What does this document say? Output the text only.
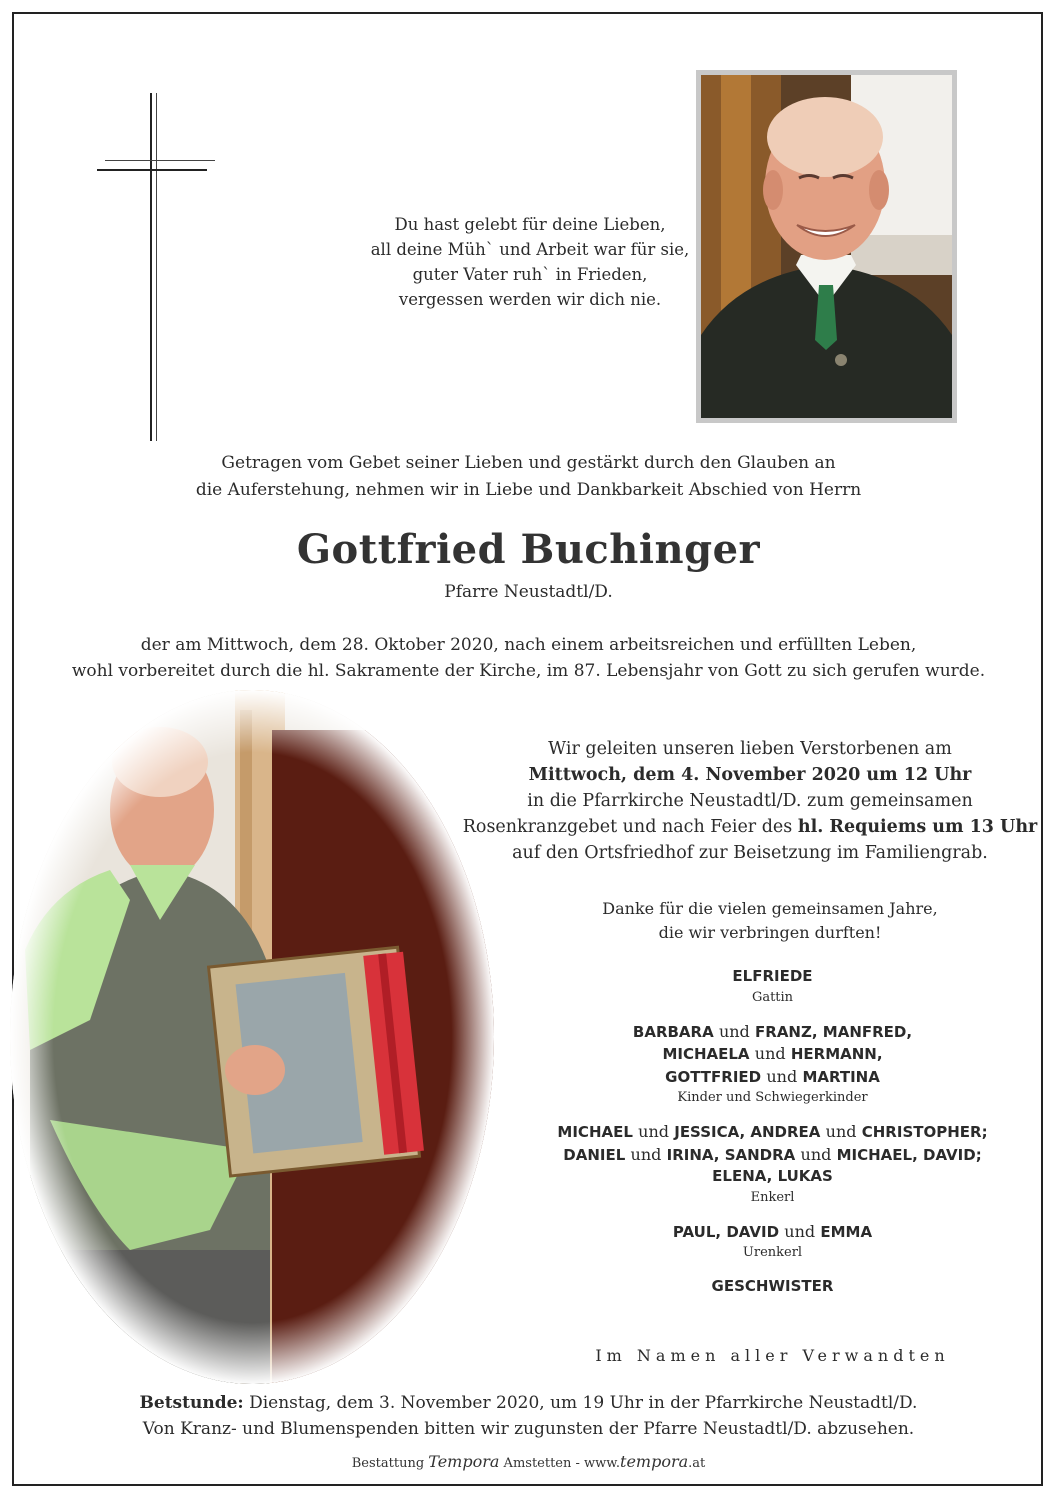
Du hast gelebt für deine Lieben,
all deine Müh` und Arbeit war für sie,
guter Vater ruh` in Frieden,
vergessen werden wir dich nie.
Getragen vom Gebet seiner Lieben und gestärkt durch den Glauben an
die Auferstehung, nehmen wir in Liebe und Dankbarkeit Abschied von Herrn
Gottfried Buchinger
Pfarre Neustadtl/D.
der am Mittwoch, dem 28. Oktober 2020, nach einem arbeitsreichen und erfüllten Leben,
wohl vorbereitet durch die hl. Sakramente der Kirche, im 87. Lebensjahr von Gott zu sich gerufen wurde.
Wir geleiten unseren lieben Verstorbenen am
Mittwoch, dem 4. November 2020 um 12 Uhr
in die Pfarrkirche Neustadtl/D. zum gemeinsamen
Rosenkranzgebet und nach Feier des hl. Requiems um 13 Uhr
auf den Ortsfriedhof zur Beisetzung im Familiengrab.
Danke für die vielen gemeinsamen Jahre,
die wir verbringen durften!
ELFRIEDE
Gattin
BARBARA und FRANZ, MANFRED,
MICHAELA und HERMANN,
GOTTFRIED und MARTINA
Kinder und Schwiegerkinder
MICHAEL und JESSICA, ANDREA und CHRISTOPHER;
DANIEL und IRINA, SANDRA und MICHAEL, DAVID;
ELENA, LUKAS
Enkerl
PAUL, DAVID und EMMA
Urenkerl
GESCHWISTER
Im Namen aller Verwandten
Betstunde: Dienstag, dem 3. November 2020, um 19 Uhr in der Pfarrkirche Neustadtl/D.
Von Kranz- und Blumenspenden bitten wir zugunsten der Pfarre Neustadtl/D. abzusehen.
Bestattung Tempora Amstetten - www.tempora.at
